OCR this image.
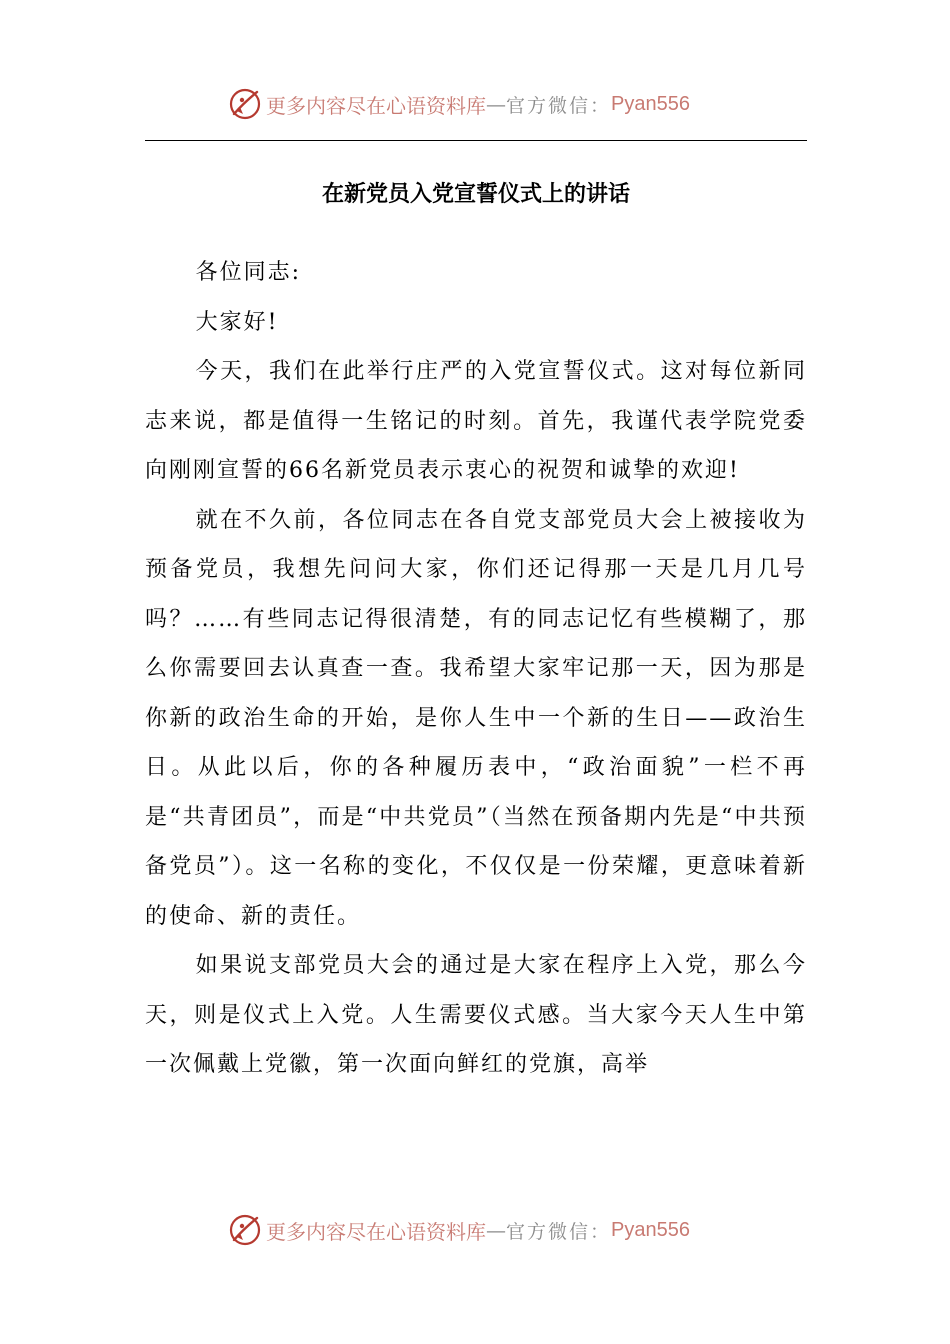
更多内容尽在心语资料库 — 官方微信： Pyan556
在新党员入党宣誓仪式上的讲话

各位同志:

大家好!

今天，我们在此举行庄严的入党宣誓仪式。这对每位新同志来说，都是值得一生铭记的时刻。首先，我谨代表学院党委向刚刚宣誓的66名新党员表示衷心的祝贺和诚挚的欢迎!

就在不久前，各位同志在各自党支部党员大会上被接收为预备党员，我想先问问大家，你们还记得那一天是几月几号吗？……有些同志记得很清楚，有的同志记忆有些模糊了，那么你需要回去认真查一查。我希望大家牢记那一天，因为那是你新的政治生命的开始，是你人生中一个新的生日——政治生日。从此以后，你的各种履历表中，“政治面貌”一栏不再是“共青团员”，而是“中共党员”（当然在预备期内先是“中共预备党员”）。这一名称的变化，不仅仅是一份荣耀，更意味着新的使命、新的责任。

如果说支部党员大会的通过是大家在程序上入党，那么今天，则是仪式上入党。人生需要仪式感。当大家今天人生中第一次佩戴上党徽，第一次面向鲜红的党旗，高举

更多内容尽在心语资料库 — 官方微信： Pyan556
